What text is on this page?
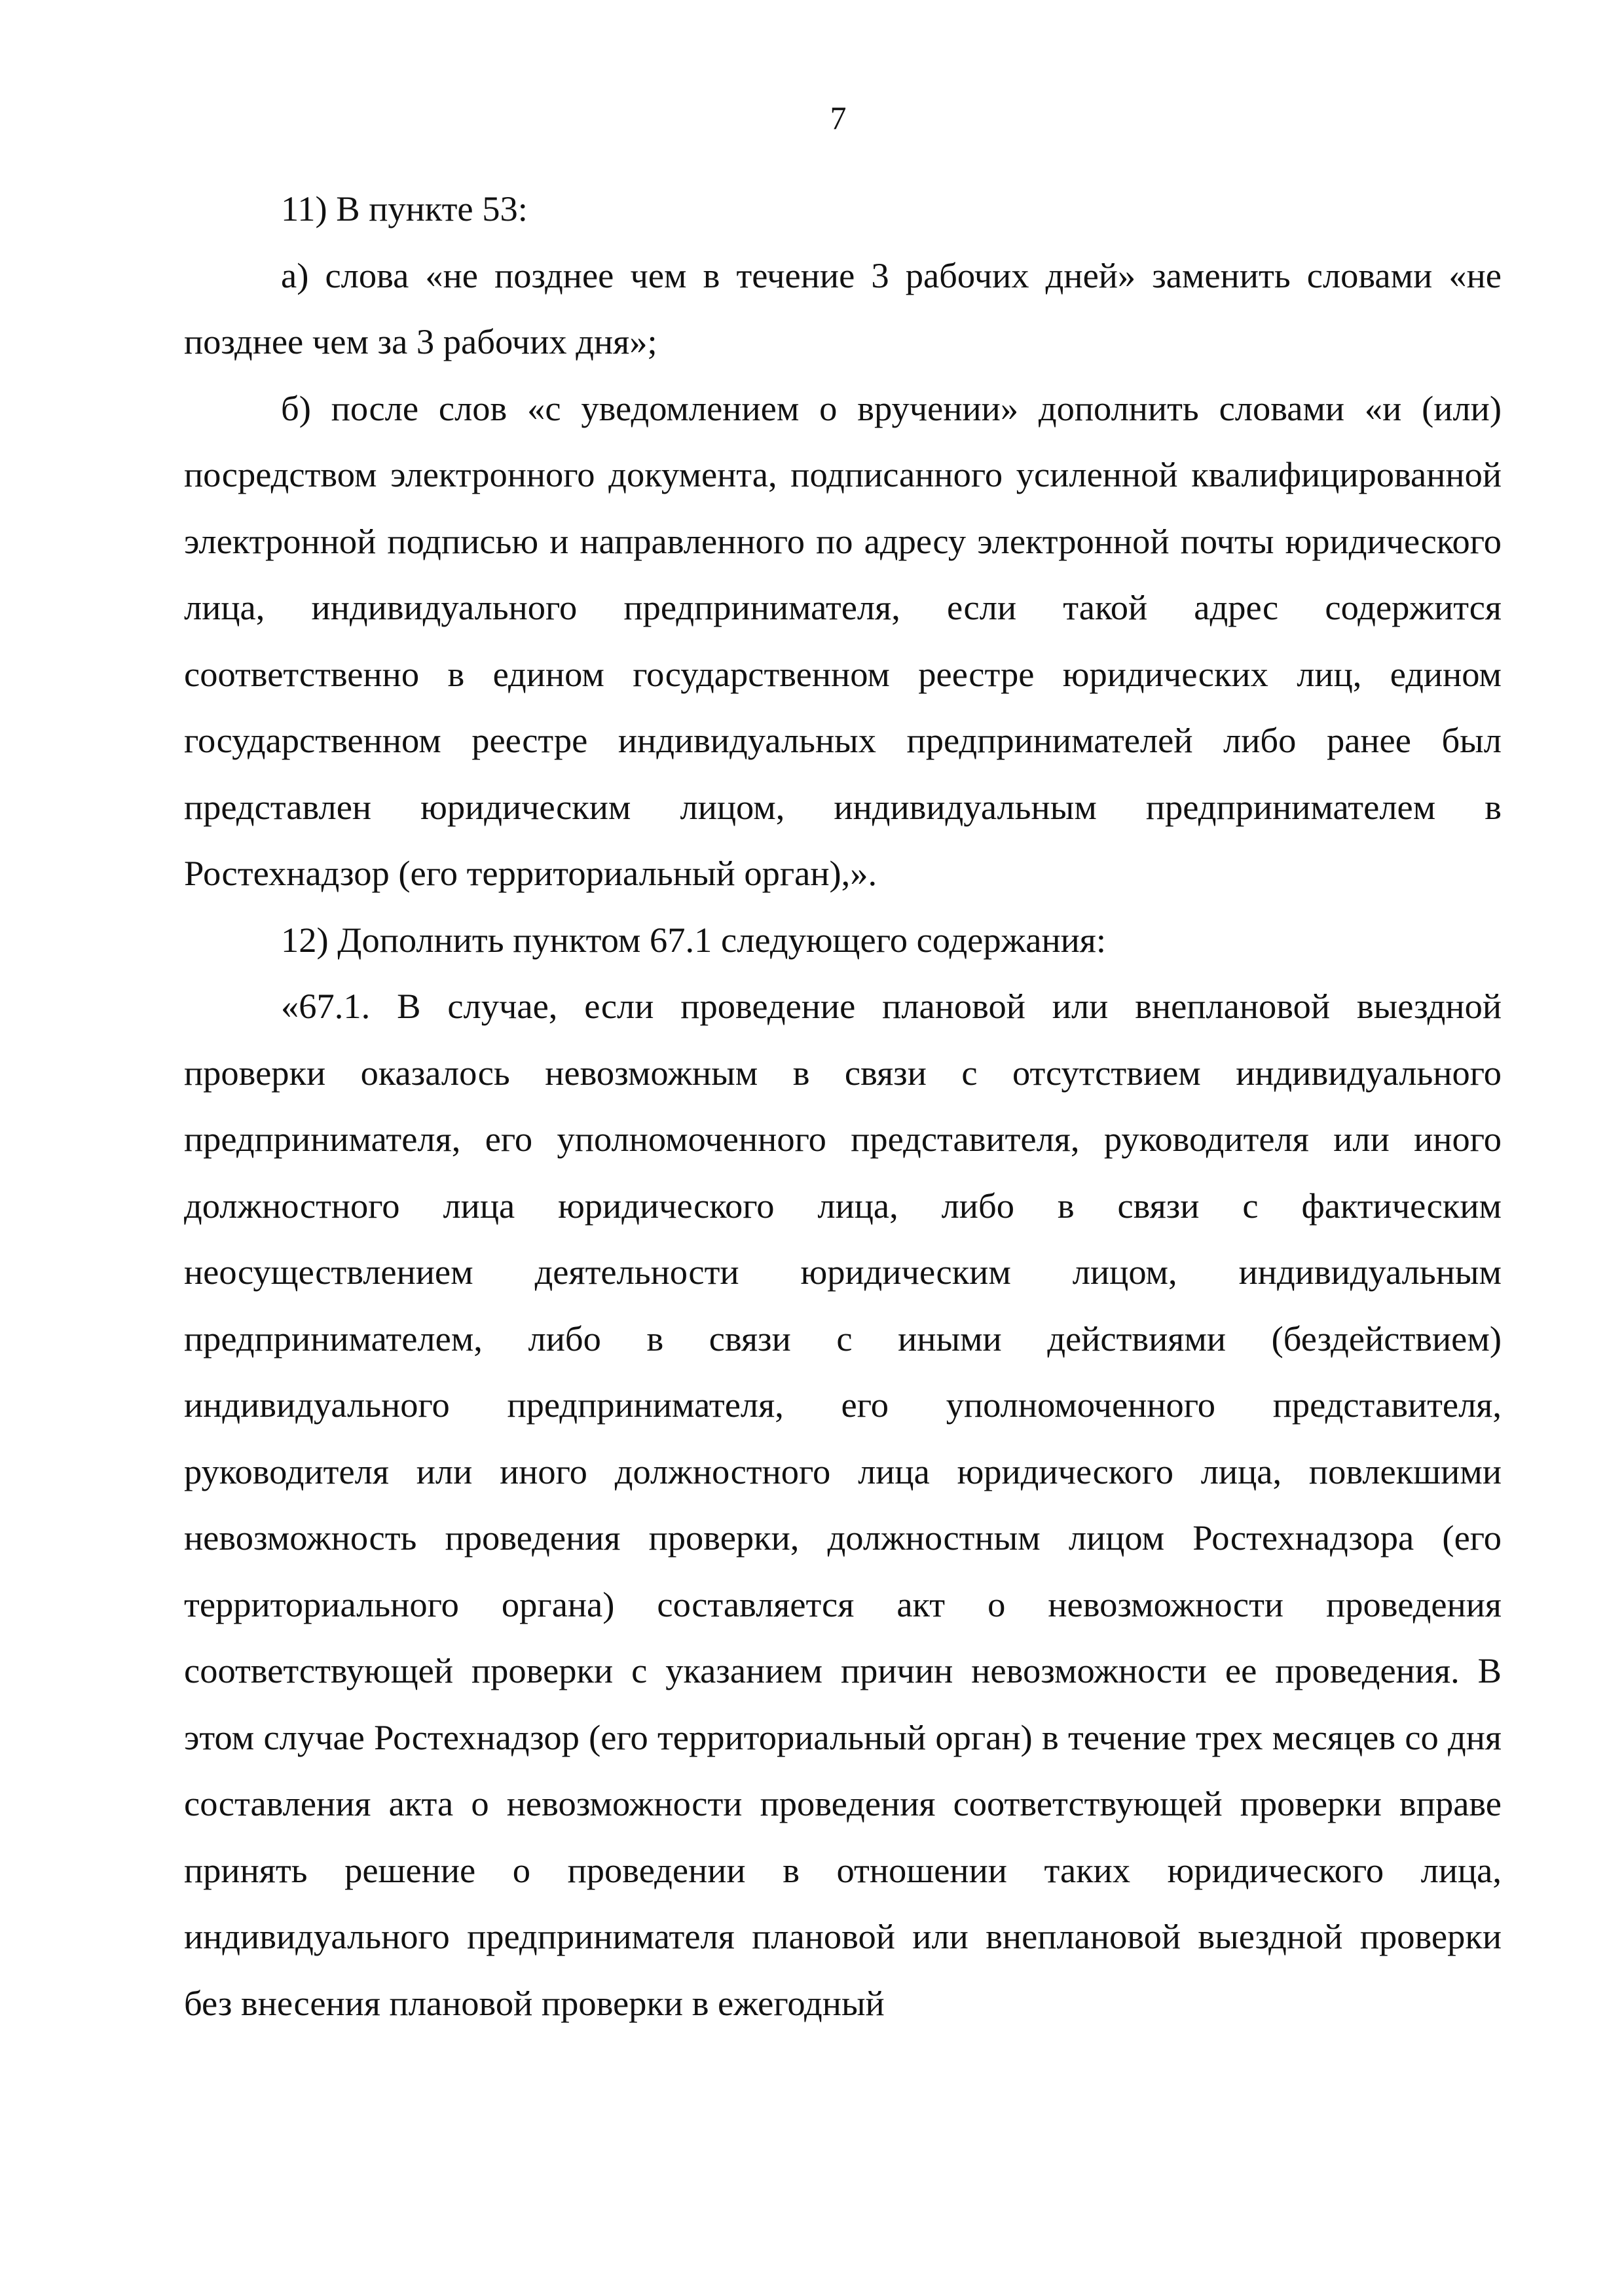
7

11) В пункте 53:

а) слова «не позднее чем в течение 3 рабочих дней» заменить словами «не позднее чем за 3 рабочих дня»;

б) после слов «с уведомлением о вручении» дополнить словами «и (или) посредством электронного документа, подписанного усиленной квалифицированной электронной подписью и направленного по адресу электронной почты юридического лица, индивидуального предпринимателя, если такой адрес содержится соответственно в едином государственном реестре юридических лиц, едином государственном реестре индивидуальных предпринимателей либо ранее был представлен юридическим лицом, индивидуальным предпринимателем в Ростехнадзор (его территориальный орган),».

12) Дополнить пунктом 67.1 следующего содержания:

«67.1. В случае, если проведение плановой или внеплановой выездной проверки оказалось невозможным в связи с отсутствием индивидуального предпринимателя, его уполномоченного представителя, руководителя или иного должностного лица юридического лица, либо в связи с фактическим неосуществлением деятельности юридическим лицом, индивидуальным предпринимателем, либо в связи с иными действиями (бездействием) индивидуального предпринимателя, его уполномоченного представителя, руководителя или иного должностного лица юридического лица, повлекшими невозможность проведения проверки, должностным лицом Ростехнадзора (его территориального органа) составляется акт о невозможности проведения соответствующей проверки с указанием причин невозможности ее проведения. В этом случае Ростехнадзор (его территориальный орган) в течение трех месяцев со дня составления акта о невозможности проведения соответствующей проверки вправе принять решение о проведении в отношении таких юридического лица, индивидуального предпринимателя плановой или внеплановой выездной проверки без внесения плановой проверки в ежегодный
